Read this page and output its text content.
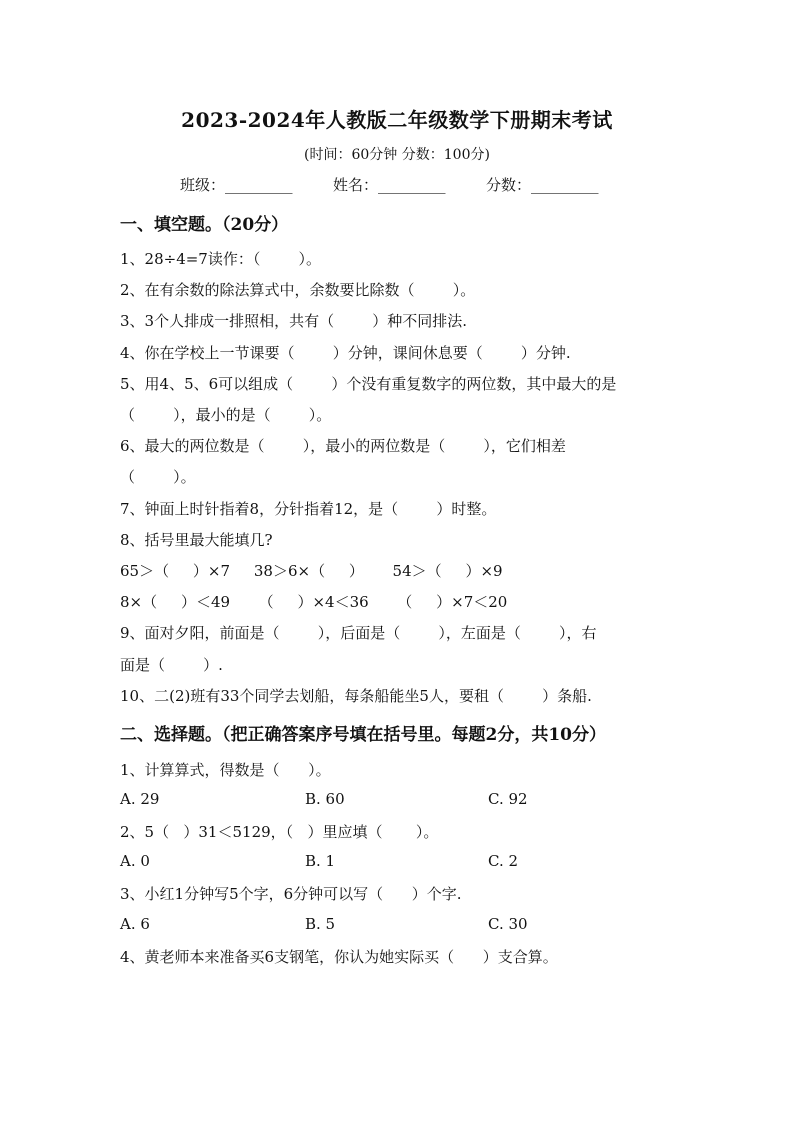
2023-2024年人教版二年级数学下册期末考试
(时间：60分钟 分数：100分)
班级：_________	姓名：_________	分数：_________
一、填空题。（20分）
1、28÷4=7读作：（        ）。
2、在有余数的除法算式中，余数要比除数（        ）。
3、3个人排成一排照相，共有（        ）种不同排法.
4、你在学校上一节课要（        ）分钟，课间休息要（        ）分钟.
5、用4、5、6可以组成（        ）个没有重复数字的两位数，其中最大的是
（        ），最小的是（        ）。
6、最大的两位数是（        ），最小的两位数是（        ），它们相差
（        ）。
7、钟面上时针指着8，分针指着12，是（        ）时整。
8、括号里最大能填几?
65＞（     ）×7     38＞6×（     ）      54＞（     ）×9
8×（     ）＜49      （     ）×4＜36      （     ）×7＜20
9、面对夕阳，前面是（        ），后面是（        ），左面是（        ），右
面是（        ）.
10、二(2)班有33个同学去划船，每条船能坐5人，要租（        ）条船.
二、选择题。（把正确答案序号填在括号里。每题2分，共10分）
1、计算算式，得数是（      ）。
A. 29	B. 60	C. 92
2、5（   ）31＜5129，（   ）里应填（       ）。
A. 0	B. 1	C. 2
3、小红1分钟写5个字，6分钟可以写（      ）个字.
A. 6	B. 5	C. 30
4、黄老师本来准备买6支钢笔，你认为她实际买（      ）支合算。
